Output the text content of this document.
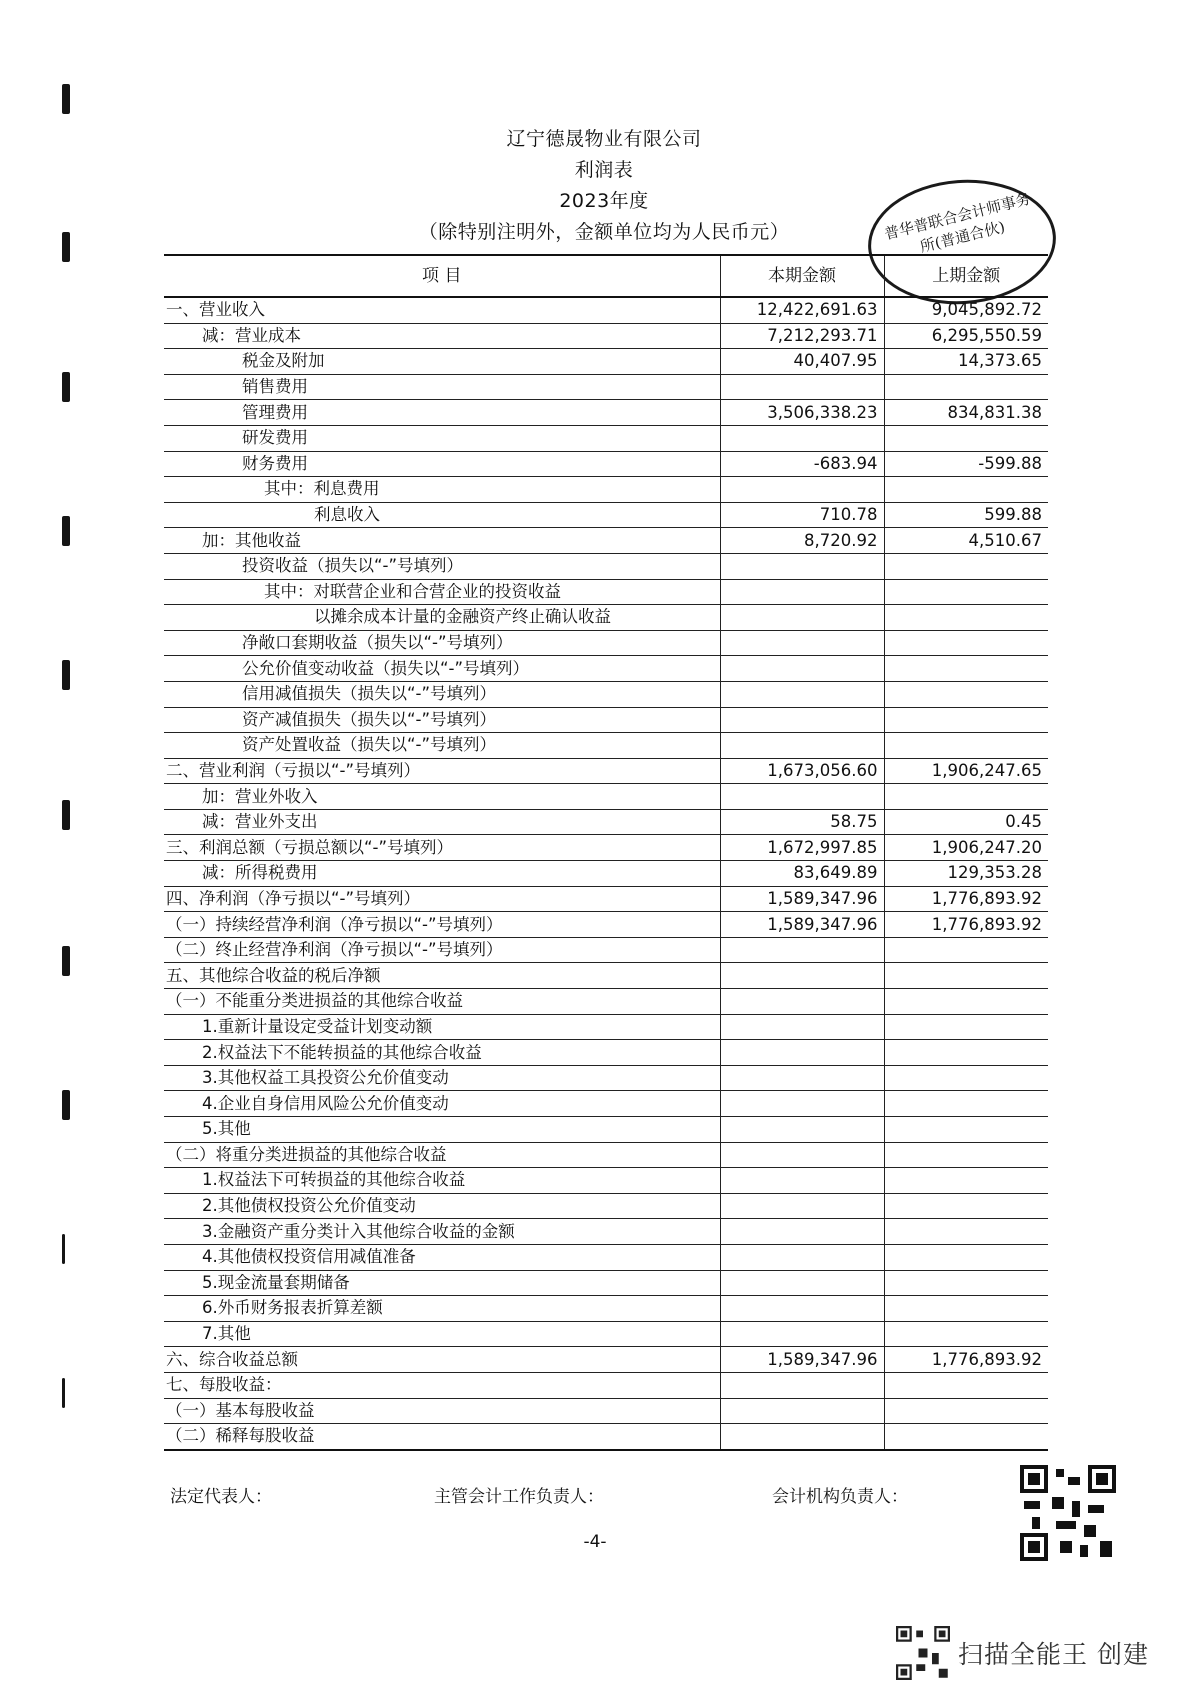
辽宁德晟物业有限公司
利润表
2023年度
（除特别注明外，金额单位均为人民币元）	普华普联合会计师事务所(普通合伙)
项 目	本期金额	上期金额
一、营业收入	12,422,691.63	9,045,892.72
减：营业成本	7,212,293.71	6,295,550.59
税金及附加	40,407.95	14,373.65
销售费用		
管理费用	3,506,338.23	834,831.38
研发费用		
财务费用	-683.94	-599.88
其中：利息费用		
利息收入	710.78	599.88
加：其他收益	8,720.92	4,510.67
投资收益（损失以“-”号填列）		
其中：对联营企业和合营企业的投资收益		
以摊余成本计量的金融资产终止确认收益		
净敞口套期收益（损失以“-”号填列）		
公允价值变动收益（损失以“-”号填列）		
信用减值损失（损失以“-”号填列）		
资产减值损失（损失以“-”号填列）		
资产处置收益（损失以“-”号填列）		
二、营业利润（亏损以“-”号填列）	1,673,056.60	1,906,247.65
加：营业外收入		
减：营业外支出	58.75	0.45
三、利润总额（亏损总额以“-”号填列）	1,672,997.85	1,906,247.20
减：所得税费用	83,649.89	129,353.28
四、净利润（净亏损以“-”号填列）	1,589,347.96	1,776,893.92
（一）持续经营净利润（净亏损以“-”号填列）	1,589,347.96	1,776,893.92
（二）终止经营净利润（净亏损以“-”号填列）		
五、其他综合收益的税后净额		
（一）不能重分类进损益的其他综合收益		
1.重新计量设定受益计划变动额		
2.权益法下不能转损益的其他综合收益		
3.其他权益工具投资公允价值变动		
4.企业自身信用风险公允价值变动		
5.其他		
（二）将重分类进损益的其他综合收益		
1.权益法下可转损益的其他综合收益		
2.其他债权投资公允价值变动		
3.金融资产重分类计入其他综合收益的金额		
4.其他债权投资信用减值准备		
5.现金流量套期储备		
6.外币财务报表折算差额		
7.其他		
六、综合收益总额	1,589,347.96	1,776,893.92
七、每股收益：		
（一）基本每股收益		
（二）稀释每股收益		
法定代表人：	主管会计工作负责人：	会计机构负责人：
-4-
扫描全能王 创建
